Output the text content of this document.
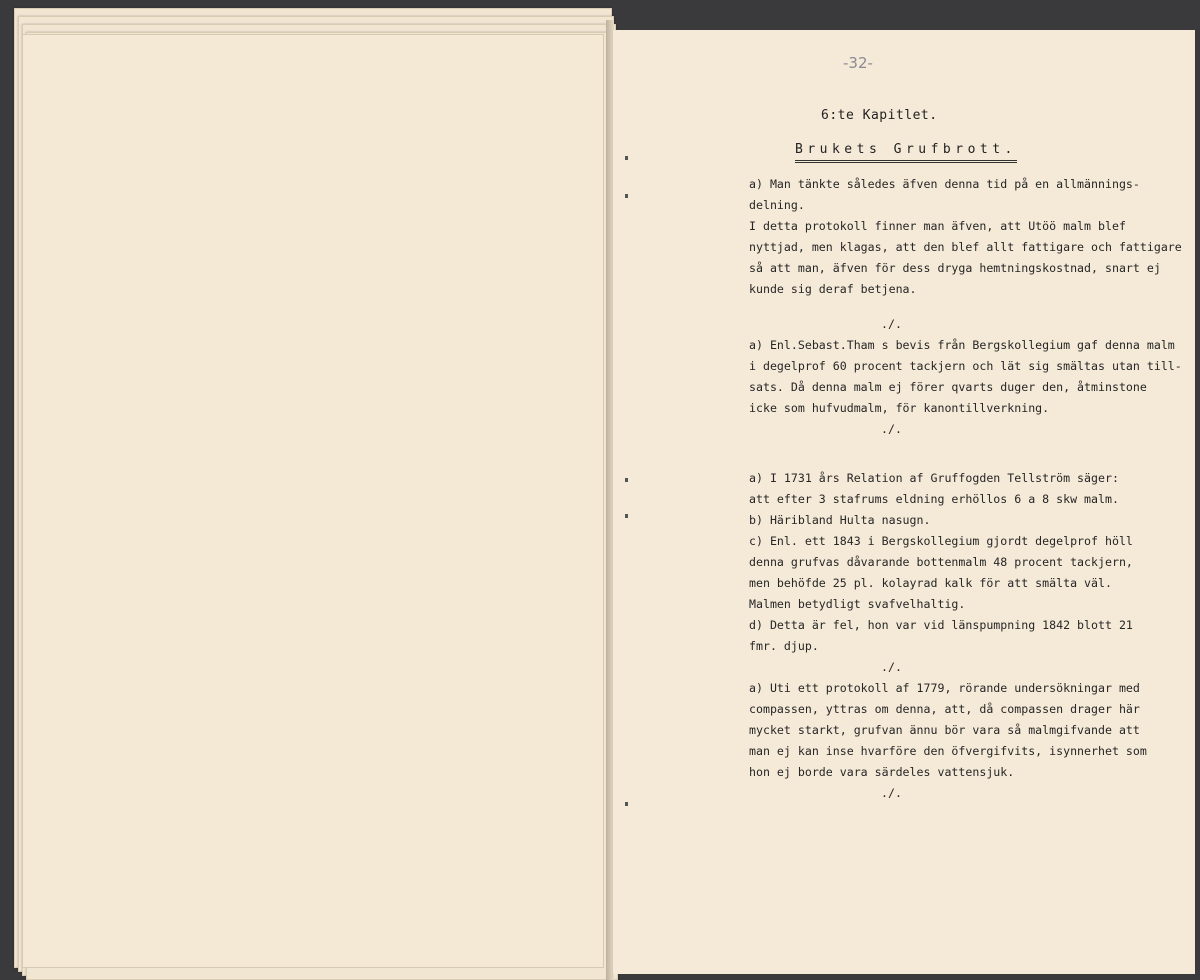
-32-
6:te Kapitlet.
Brukets Grufbrott.
a) Man tänkte således äfven denna tid på en allmännings-
delning.
I detta protokoll finner man äfven, att Utöö malm blef
nyttjad, men klagas, att den blef allt fattigare och fattigare
så att man, äfven för dess dryga hemtningskostnad, snart ej
kunde sig deraf betjena.
./.
a) Enl.Sebast.Tham s bevis från Bergskollegium gaf denna malm
i degelprof 60 procent tackjern och lät sig smältas utan till-
sats. Då denna malm ej förer qvarts duger den, åtminstone
icke som hufvudmalm, för kanontillverkning.
./.
a) I 1731 års Relation af Gruffogden Tellström säger:
att efter 3 stafrums eldning erhöllos 6 a 8 skw malm.
b) Häribland Hulta nasugn.
c) Enl. ett 1843 i Bergskollegium gjordt degelprof höll
denna grufvas dåvarande bottenmalm 48 procent tackjern,
men behöfde 25 pl. kolayrad kalk för att smälta väl.
Malmen betydligt svafvelhaltig.
d) Detta är fel, hon var vid länspumpning 1842 blott 21
fmr. djup.
./.
a) Uti ett protokoll af 1779, rörande undersökningar med
compassen, yttras om denna, att, då compassen drager här
mycket starkt, grufvan ännu bör vara så malmgifvande att
man ej kan inse hvarföre den öfvergifvits, isynnerhet som
hon ej borde vara särdeles vattensjuk.
./.
